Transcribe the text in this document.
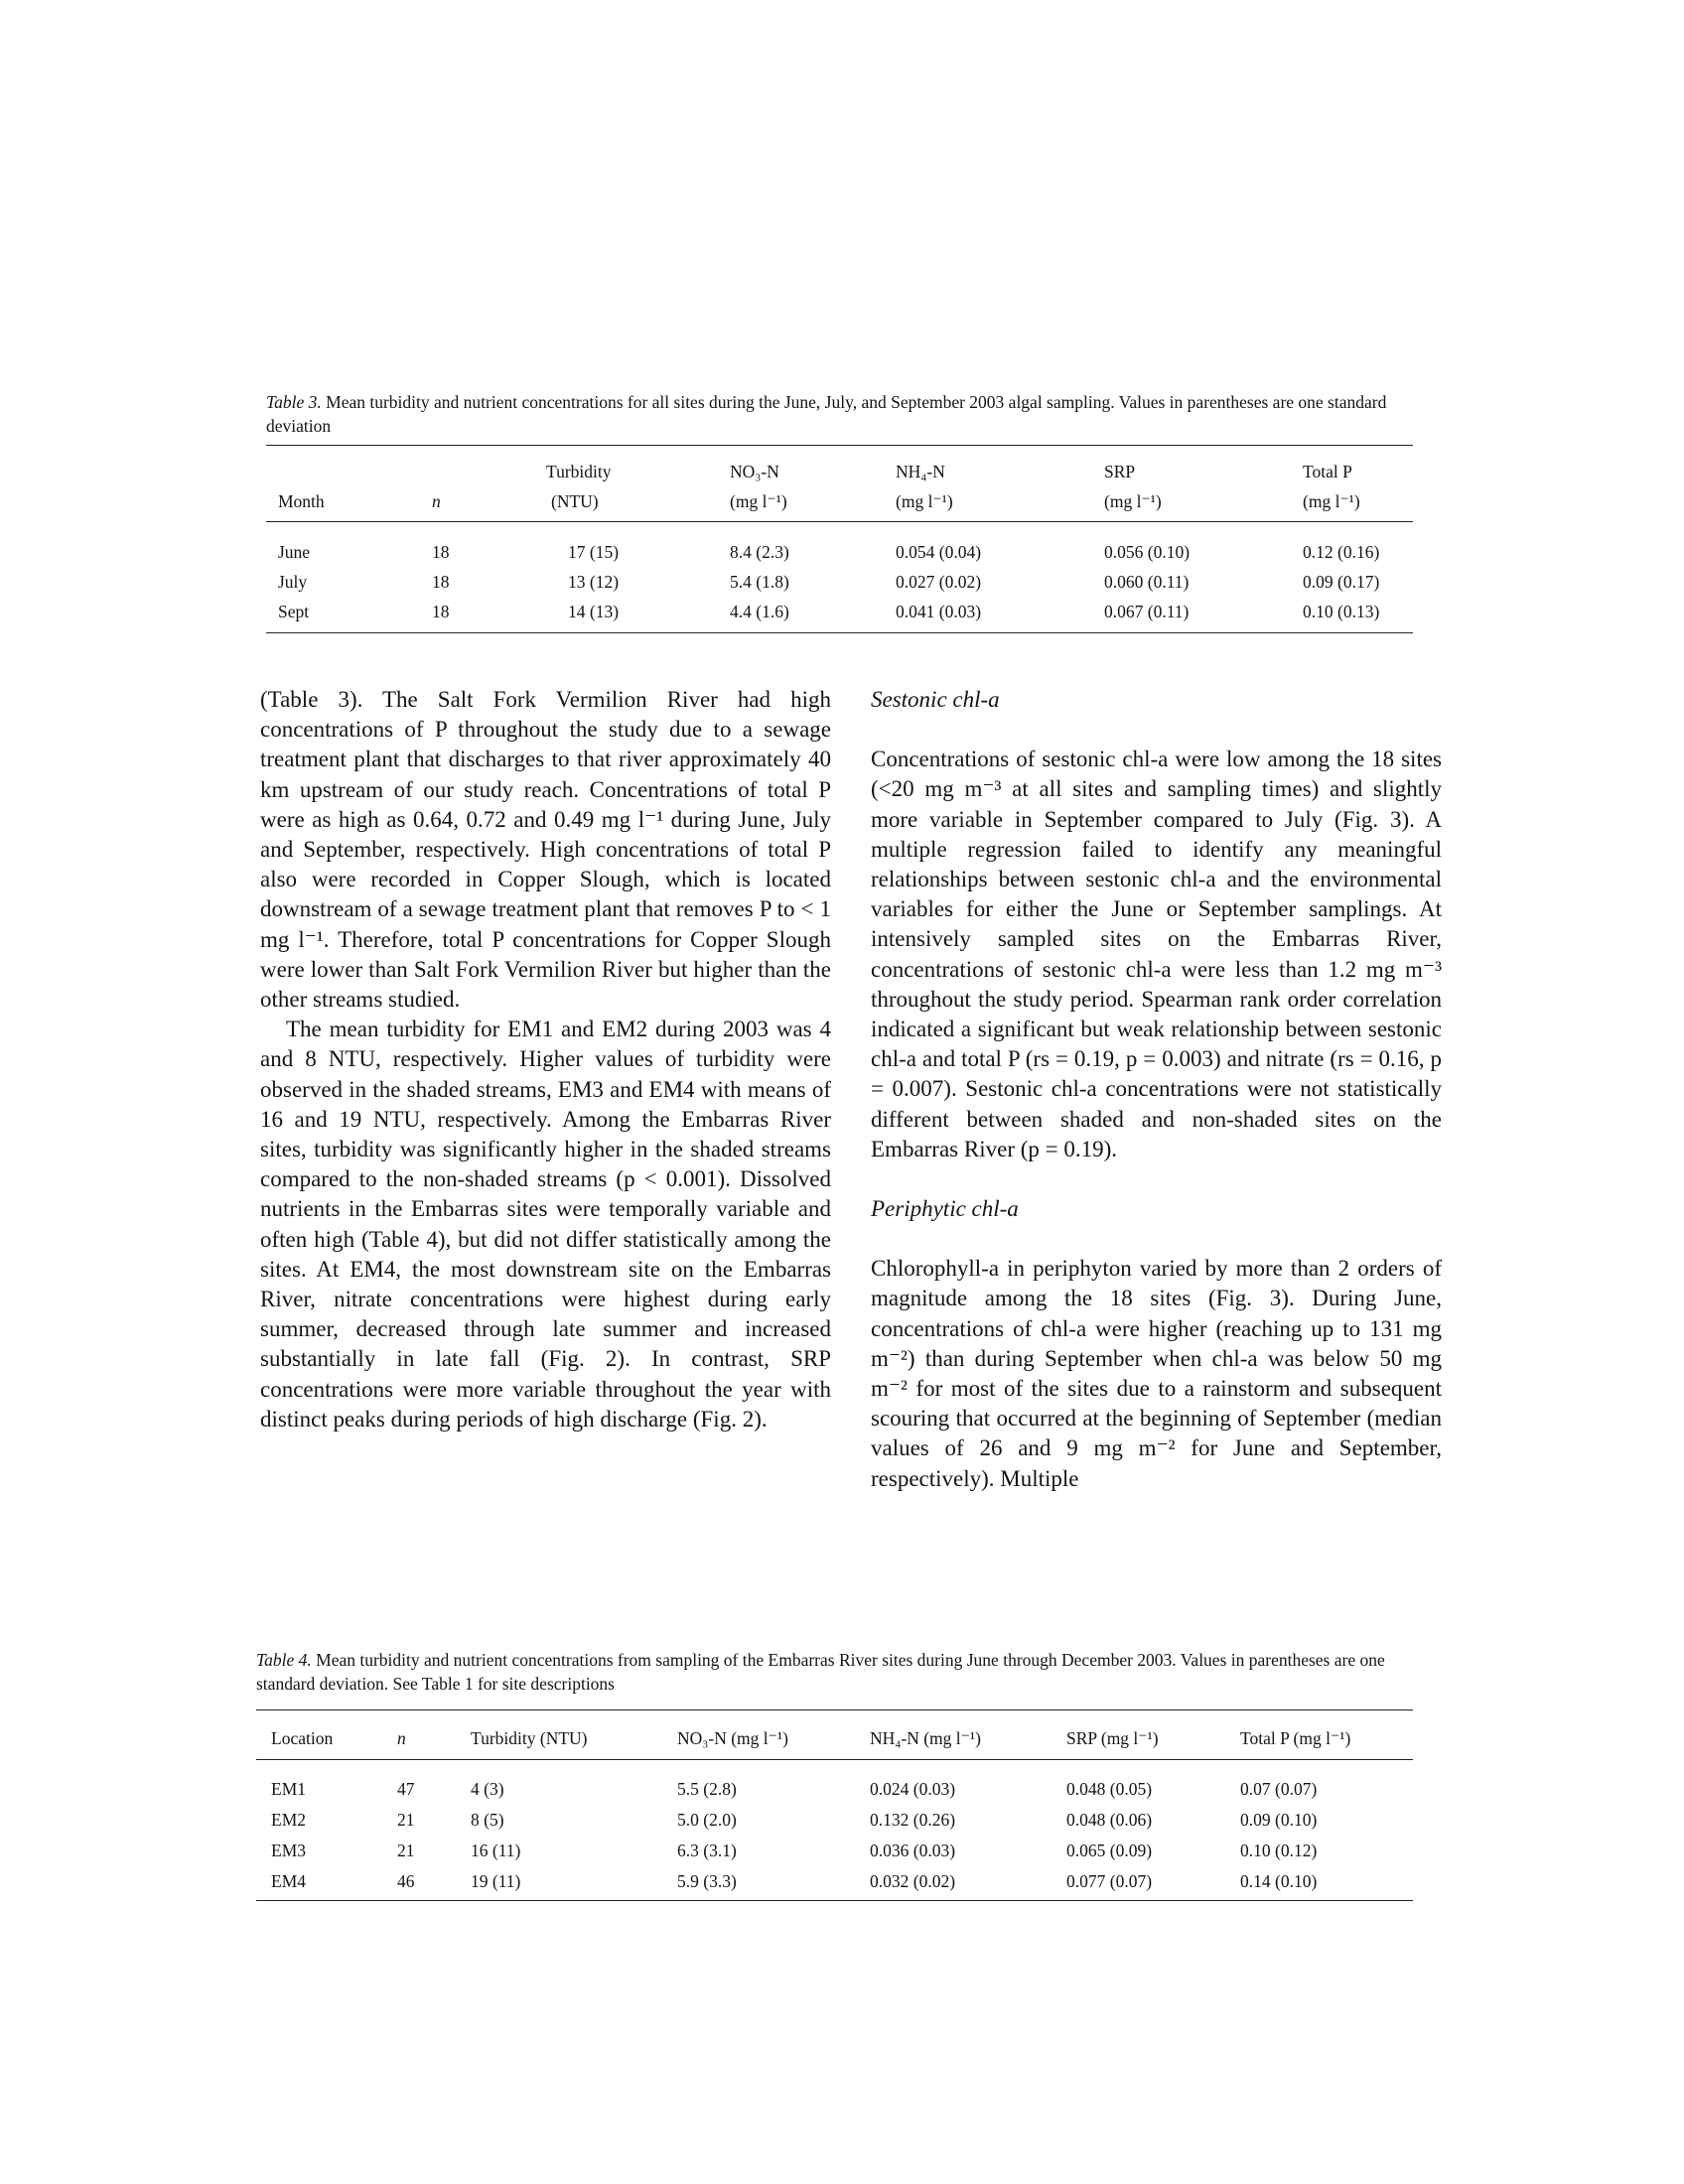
Table 3. Mean turbidity and nutrient concentrations for all sites during the June, July, and September 2003 algal sampling. Values in parentheses are one standard deviation
		Turbidity	NO₃-N	NH₄-N	SRP	Total P
Month	n	(NTU)	(mg l⁻¹)	(mg l⁻¹)	(mg l⁻¹)	(mg l⁻¹)
June	18	17 (15)	8.4 (2.3)	0.054 (0.04)	0.056 (0.10)	0.12 (0.16)
July	18	13 (12)	5.4 (1.8)	0.027 (0.02)	0.060 (0.11)	0.09 (0.17)
Sept	18	14 (13)	4.4 (1.6)	0.041 (0.03)	0.067 (0.11)	0.10 (0.13)

(Table 3). The Salt Fork Vermilion River had high concentrations of P throughout the study due to a sewage treatment plant that discharges to that river approximately 40 km upstream of our study reach. Concentrations of total P were as high as 0.64, 0.72 and 0.49 mg l⁻¹ during June, July and September, respectively. High concentrations of total P also were recorded in Copper Slough, which is located downstream of a sewage treatment plant that removes P to < 1 mg l⁻¹. Therefore, total P concentrations for Copper Slough were lower than Salt Fork Vermilion River but higher than the other streams studied.

The mean turbidity for EM1 and EM2 during 2003 was 4 and 8 NTU, respectively. Higher values of turbidity were observed in the shaded streams, EM3 and EM4 with means of 16 and 19 NTU, respectively. Among the Embarras River sites, turbidity was significantly higher in the shaded streams compared to the non-shaded streams (p < 0.001). Dissolved nutrients in the Embarras sites were temporally variable and often high (Table 4), but did not differ statistically among the sites. At EM4, the most downstream site on the Embarras River, nitrate concentrations were highest during early summer, decreased through late summer and increased substantially in late fall (Fig. 2). In contrast, SRP concentrations were more variable throughout the year with distinct peaks during periods of high discharge (Fig. 2).

Sestonic chl-a

Concentrations of sestonic chl-a were low among the 18 sites (<20 mg m⁻³ at all sites and sampling times) and slightly more variable in September compared to July (Fig. 3). A multiple regression failed to identify any meaningful relationships between sestonic chl-a and the environmental variables for either the June or September samplings. At intensively sampled sites on the Embarras River, concentrations of sestonic chl-a were less than 1.2 mg m⁻³ throughout the study period. Spearman rank order correlation indicated a significant but weak relationship between sestonic chl-a and total P (rs = 0.19, p = 0.003) and nitrate (rs = 0.16, p = 0.007). Sestonic chl-a concentrations were not statistically different between shaded and non-shaded sites on the Embarras River (p = 0.19).

Periphytic chl-a

Chlorophyll-a in periphyton varied by more than 2 orders of magnitude among the 18 sites (Fig. 3). During June, concentrations of chl-a were higher (reaching up to 131 mg m⁻²) than during September when chl-a was below 50 mg m⁻² for most of the sites due to a rainstorm and subsequent scouring that occurred at the beginning of September (median values of 26 and 9 mg m⁻² for June and September, respectively). Multiple

Table 4. Mean turbidity and nutrient concentrations from sampling of the Embarras River sites during June through December 2003. Values in parentheses are one standard deviation. See Table 1 for site descriptions
Location	n	Turbidity (NTU)	NO₃-N (mg l⁻¹)	NH₄-N (mg l⁻¹)	SRP (mg l⁻¹)	Total P (mg l⁻¹)
EM1	47	4 (3)	5.5 (2.8)	0.024 (0.03)	0.048 (0.05)	0.07 (0.07)
EM2	21	8 (5)	5.0 (2.0)	0.132 (0.26)	0.048 (0.06)	0.09 (0.10)
EM3	21	16 (11)	6.3 (3.1)	0.036 (0.03)	0.065 (0.09)	0.10 (0.12)
EM4	46	19 (11)	5.9 (3.3)	0.032 (0.02)	0.077 (0.07)	0.14 (0.10)
